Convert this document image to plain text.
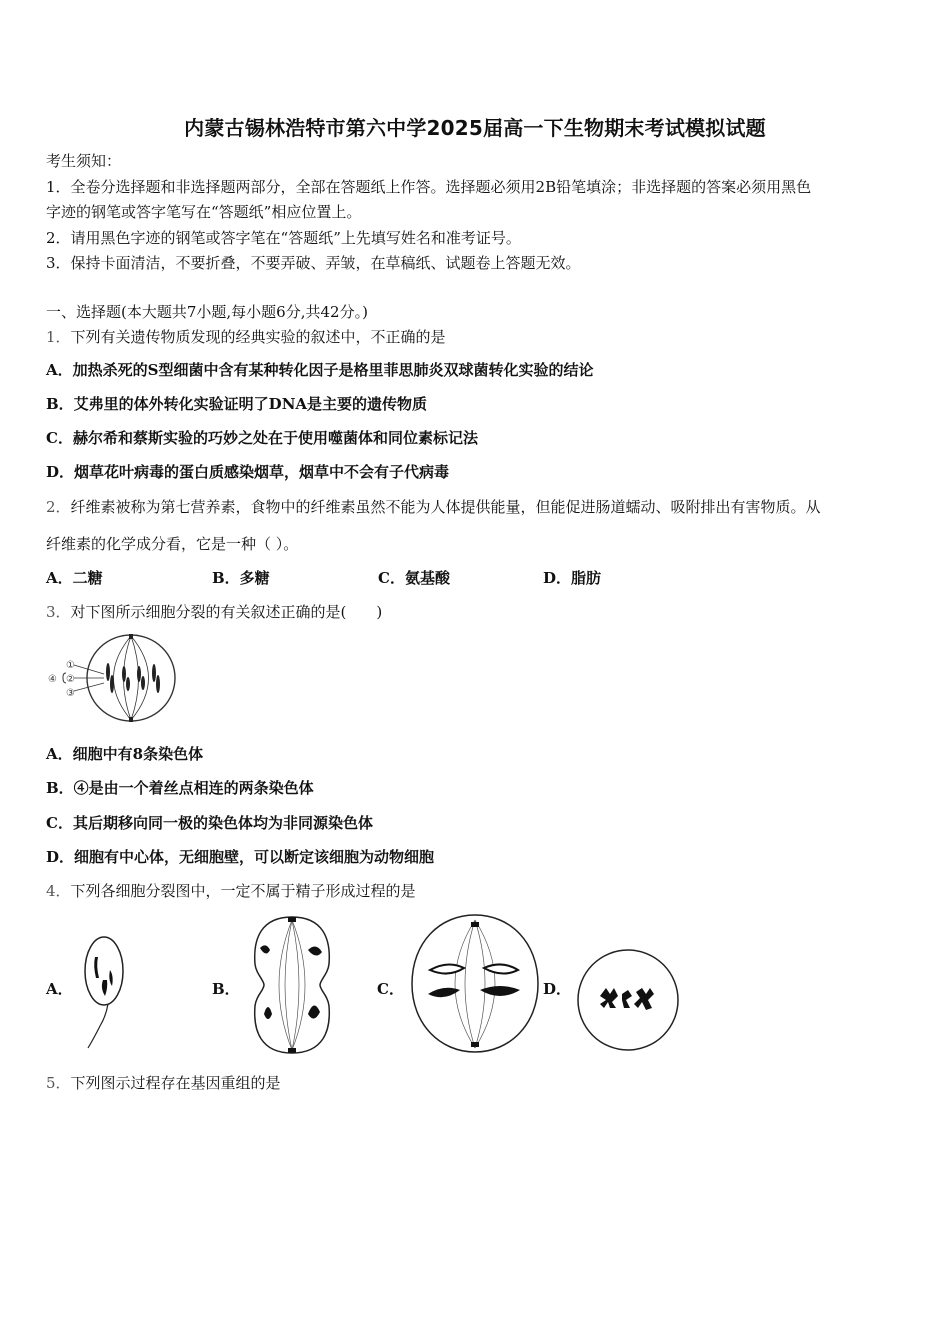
内蒙古锡林浩特市第六中学2025届高一下生物期末考试模拟试题
考生须知：
1．全卷分选择题和非选择题两部分，全部在答题纸上作答。选择题必须用2B铅笔填涂；非选择题的答案必须用黑色
字迹的钢笔或答字笔写在“答题纸”相应位置上。
2．请用黑色字迹的钢笔或答字笔在“答题纸”上先填写姓名和准考证号。
3．保持卡面清洁，不要折叠，不要弄破、弄皱，在草稿纸、试题卷上答题无效。
一、选择题(本大题共7小题,每小题6分,共42分。)
1．下列有关遗传物质发现的经典实验的叙述中，不正确的是
A．加热杀死的S型细菌中含有某种转化因子是格里菲思肺炎双球菌转化实验的结论
B．艾弗里的体外转化实验证明了DNA是主要的遗传物质
C．赫尔希和蔡斯实验的巧妙之处在于使用噬菌体和同位素标记法
D．烟草花叶病毒的蛋白质感染烟草，烟草中不会有子代病毒
2．纤维素被称为第七营养素，食物中的纤维素虽然不能为人体提供能量，但能促进肠道蠕动、吸附排出有害物质。从
纤维素的化学成分看，它是一种（ ）。
A．二糖	B．多糖	C．氨基酸	D．脂肪
3．对下图所示细胞分裂的有关叙述正确的是(　　)
①
②
③
④
A．细胞中有8条染色体
B．④是由一个着丝点相连的两条染色体
C．其后期移向同一极的染色体均为非同源染色体
D．细胞有中心体，无细胞壁，可以断定该细胞为动物细胞
4．下列各细胞分裂图中，一定不属于精子形成过程的是
A．	B．	C．	D．
5．下列图示过程存在基因重组的是
